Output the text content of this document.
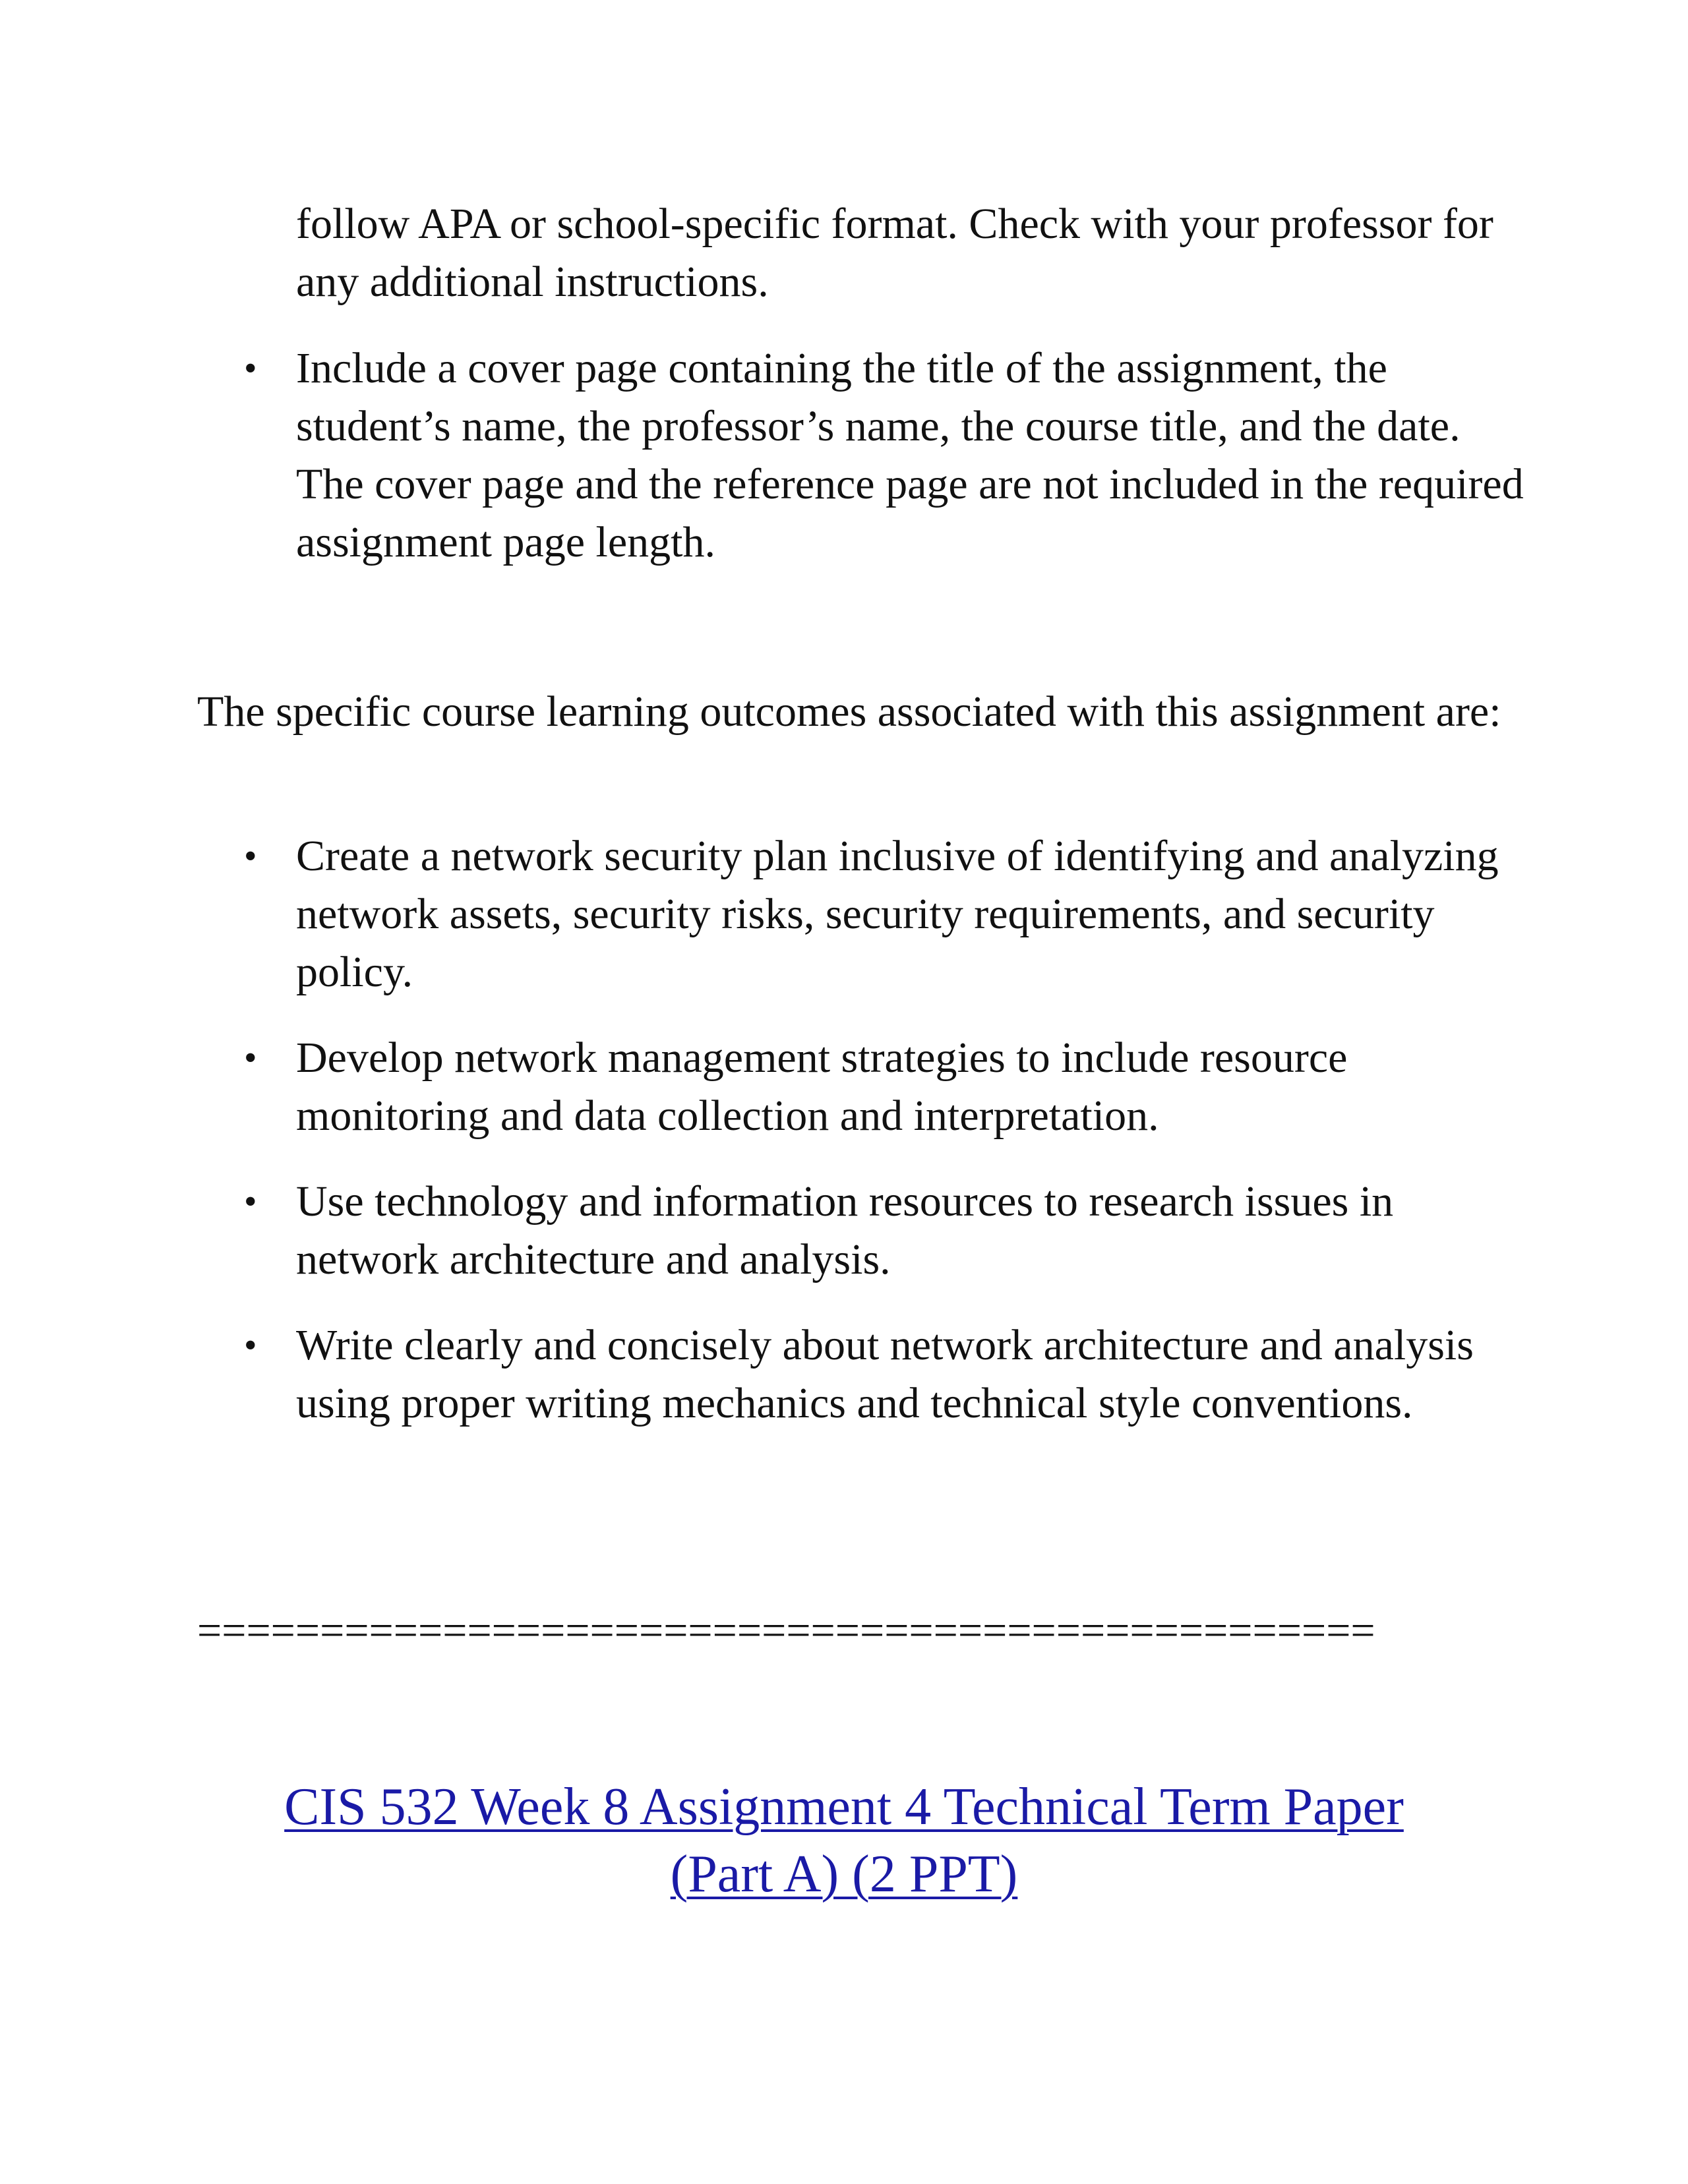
follow APA or school-specific format. Check with your professor for any additional instructions.

• Include a cover page containing the title of the assignment, the student’s name, the professor’s name, the course title, and the date. The cover page and the reference page are not included in the required assignment page length.

The specific course learning outcomes associated with this assignment are:

• Create a network security plan inclusive of identifying and analyzing network assets, security risks, security requirements, and security policy.
• Develop network management strategies to include resource monitoring and data collection and interpretation.
• Use technology and information resources to research issues in network architecture and analysis.
• Write clearly and concisely about network architecture and analysis using proper writing mechanics and technical style conventions.
================================================
CIS 532 Week 8 Assignment 4 Technical Term Paper
(Part A) (2 PPT)
